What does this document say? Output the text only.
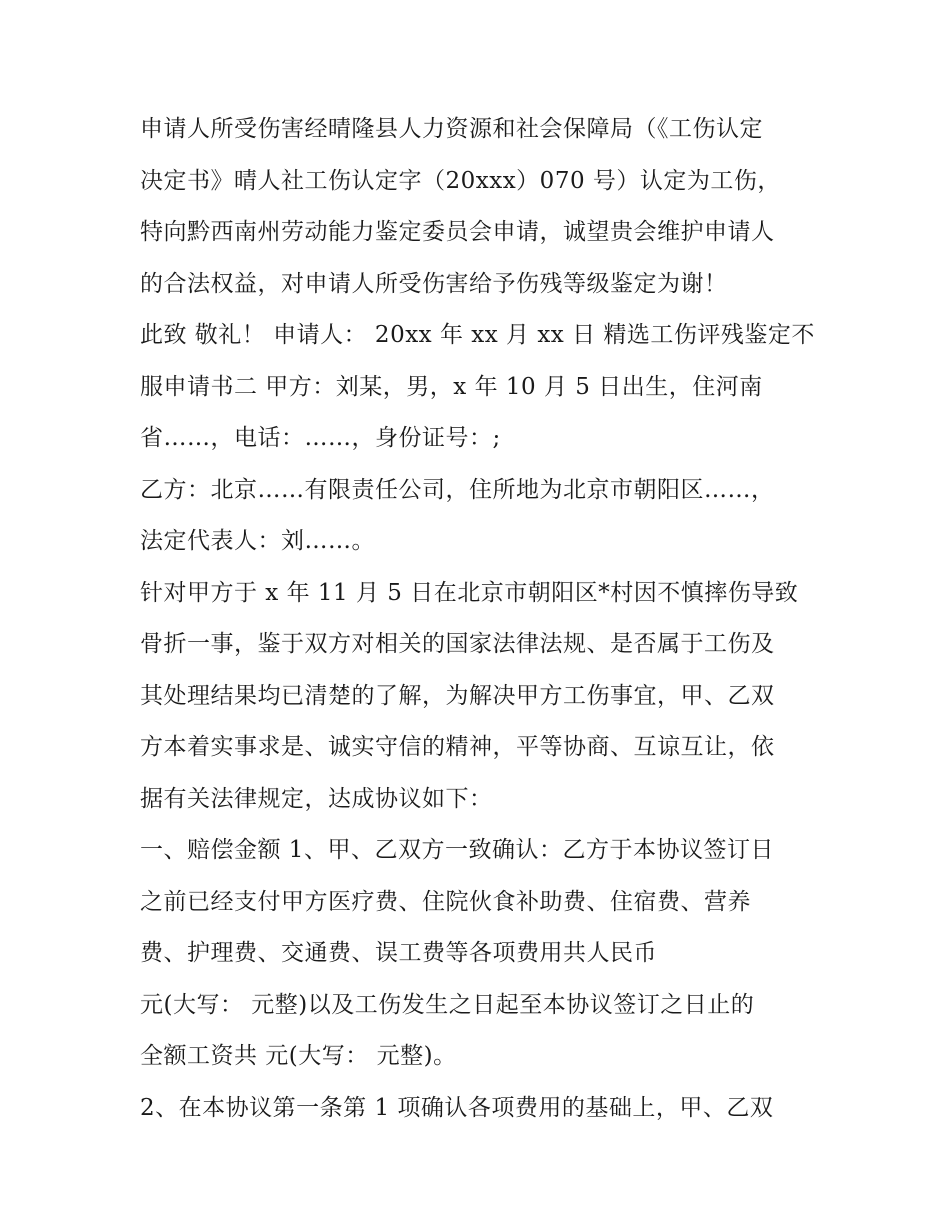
申请人所受伤害经晴隆县人力资源和社会保障局（《工伤认定
决定书》晴人社工伤认定字（20xxx）070 号）认定为工伤，
特向黔西南州劳动能力鉴定委员会申请，诚望贵会维护申请人
的合法权益，对申请人所受伤害给予伤残等级鉴定为谢！
此致 敬礼！ 申请人： 20xx 年 xx 月 xx 日 精选工伤评残鉴定不
服申请书二 甲方：刘某，男，x 年 10 月 5 日出生，住河南
省……，电话：……，身份证号：;
乙方：北京……有限责任公司，住所地为北京市朝阳区……，
法定代表人：刘……。
针对甲方于 x 年 11 月 5 日在北京市朝阳区*村因不慎摔伤导致
骨折一事，鉴于双方对相关的国家法律法规、是否属于工伤及
其处理结果均已清楚的了解，为解决甲方工伤事宜，甲、乙双
方本着实事求是、诚实守信的精神，平等协商、互谅互让，依
据有关法律规定，达成协议如下：
一、赔偿金额 1、甲、乙双方一致确认：乙方于本协议签订日
之前已经支付甲方医疗费、住院伙食补助费、住宿费、营养
费、护理费、交通费、误工费等各项费用共人民币
元(大写： 元整)以及工伤发生之日起至本协议签订之日止的
全额工资共 元(大写： 元整)。
2、在本协议第一条第 1 项确认各项费用的基础上，甲、乙双
